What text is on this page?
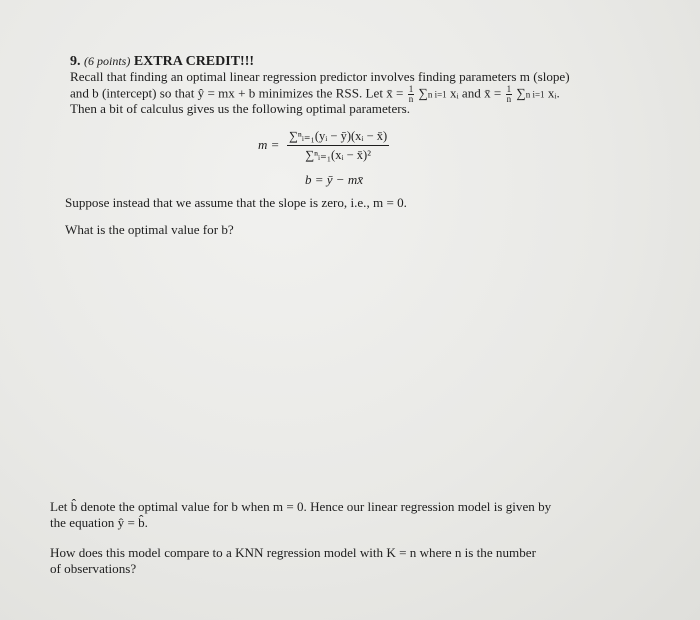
9. (6 points) EXTRA CREDIT!!!
Recall that finding an optimal linear regression predictor involves finding parameters m (slope)
and b (intercept) so that ŷ = mx + b minimizes the RSS. Let x̄ = $\frac{1}{n} \sum n$ i=1 xᵢ and x̄ = $\frac{1}{n} \sum n$ i=1 xᵢ.
Then a bit of calculus gives us the following optimal parameters.
$m = \frac{\text{∑ⁿᵢ₌₁(yᵢ − ȳ)(xᵢ − x̄)}}{\text{∑ⁿᵢ₌₁(xᵢ − x̄)²}}$
b = ȳ − mx̄
Suppose instead that we assume that the slope is zero, i.e., m = 0.
What is the optimal value for b?
Let b̂ denote the optimal value for b when m = 0. Hence our linear regression model is given by
the equation ŷ = b̂.
How does this model compare to a KNN regression model with K = n where n is the number
of observations?
